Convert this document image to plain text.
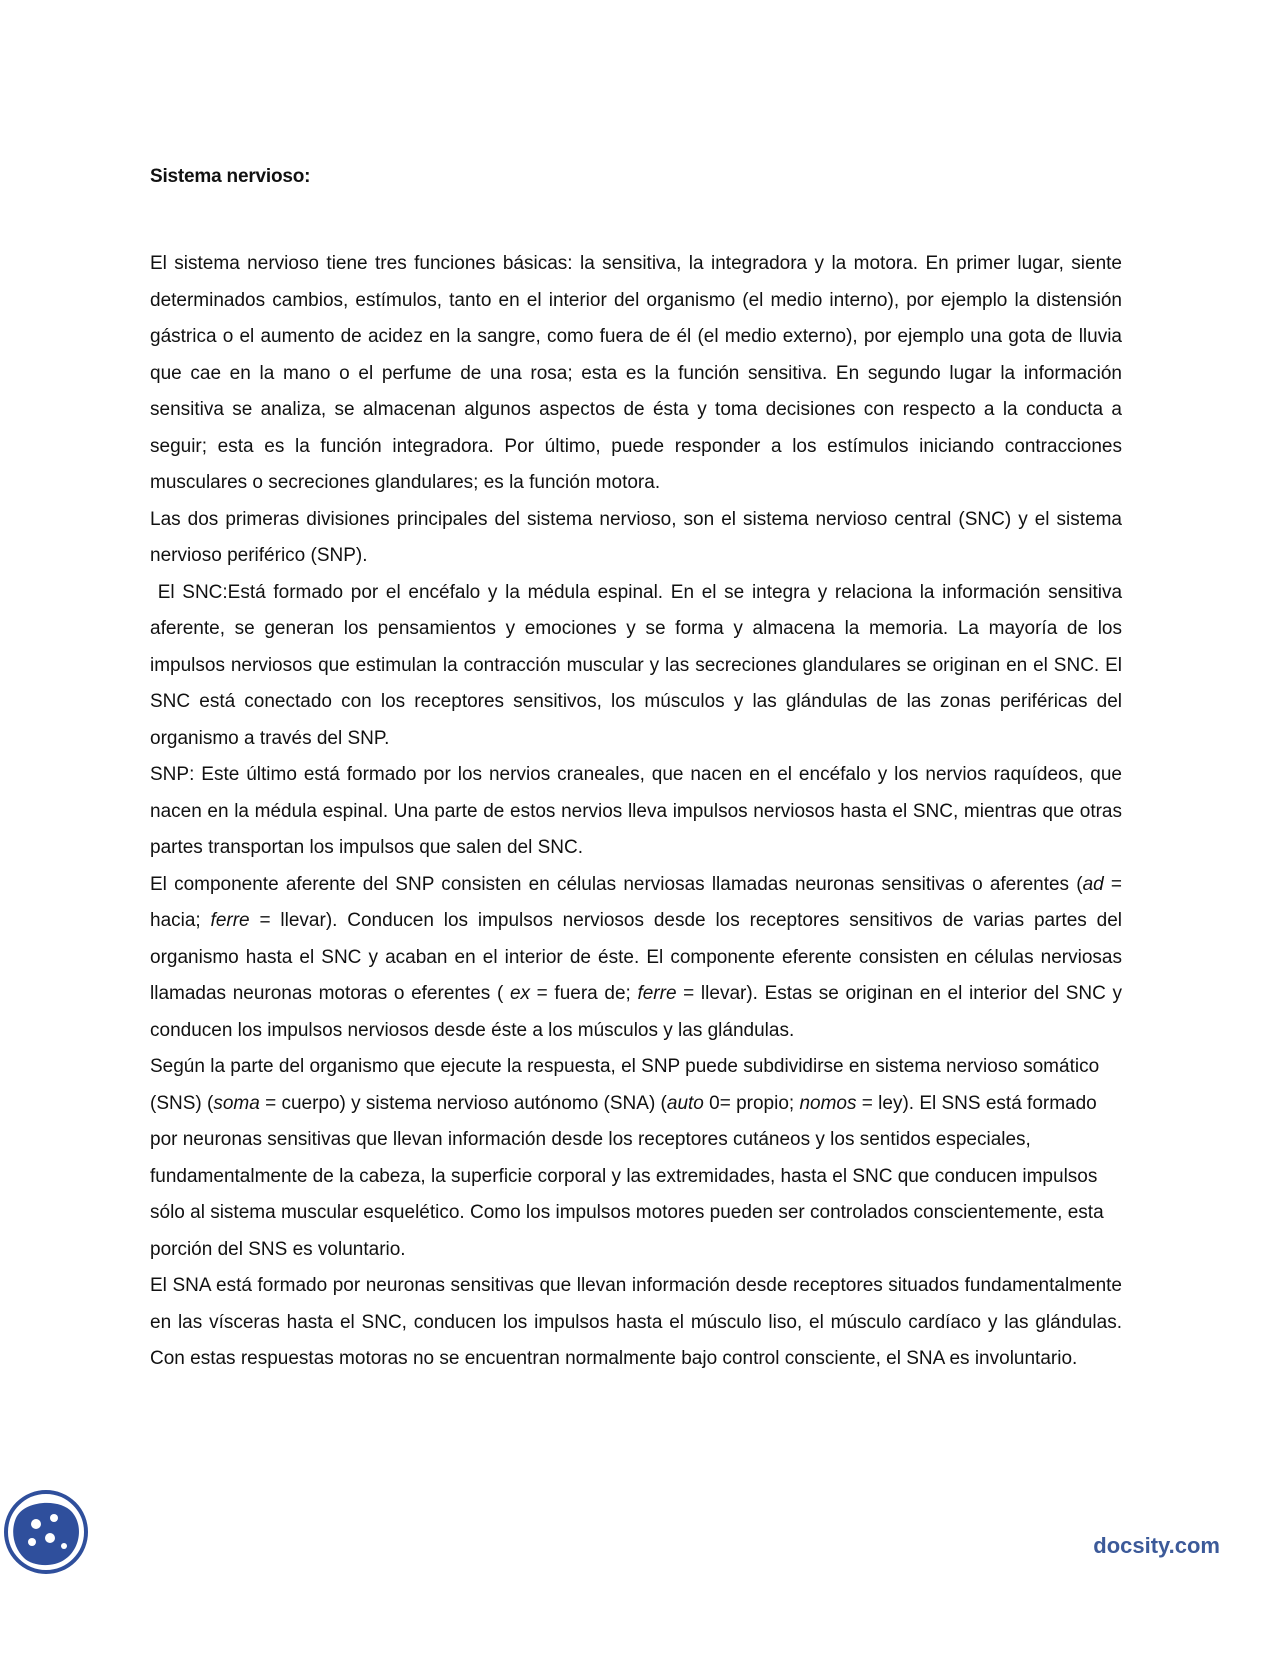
Sistema nervioso:

El sistema nervioso tiene tres funciones básicas: la sensitiva, la integradora y la motora. En primer lugar, siente determinados cambios, estímulos, tanto en el interior del organismo (el medio interno), por ejemplo la distensión gástrica o el aumento de acidez en la sangre, como fuera de él (el medio externo), por ejemplo una gota de lluvia que cae en la mano o el perfume de una rosa; esta es la función sensitiva. En segundo lugar la información sensitiva se analiza, se almacenan algunos aspectos de ésta y toma decisiones con respecto a la conducta a seguir; esta es la función integradora. Por último, puede responder a los estímulos iniciando contracciones musculares o secreciones glandulares; es la función motora.

Las dos primeras divisiones principales del sistema nervioso, son el sistema nervioso central (SNC) y el sistema nervioso periférico (SNP).

El SNC:Está formado por el encéfalo y la médula espinal. En el se integra y relaciona la información sensitiva aferente, se generan los pensamientos y emociones y se forma y almacena la memoria. La mayoría de los impulsos nerviosos que estimulan la contracción muscular y las secreciones glandulares se originan en el SNC. El SNC está conectado con los receptores sensitivos, los músculos y las glándulas de las zonas periféricas del organismo a través del SNP.

SNP: Este último está formado por los nervios craneales, que nacen en el encéfalo y los nervios raquídeos, que nacen en la médula espinal. Una parte de estos nervios lleva impulsos nerviosos hasta el SNC, mientras que otras partes transportan los impulsos que salen del SNC.

El componente aferente del SNP consisten en células nerviosas llamadas neuronas sensitivas o aferentes (ad = hacia; ferre = llevar). Conducen los impulsos nerviosos desde los receptores sensitivos de varias partes del organismo hasta el SNC y acaban en el interior de éste. El componente eferente consisten en células nerviosas llamadas neuronas motoras o eferentes ( ex = fuera de; ferre = llevar). Estas se originan en el interior del SNC y conducen los impulsos nerviosos desde éste a los músculos y las glándulas.

Según la parte del organismo que ejecute la respuesta, el SNP puede subdividirse en sistema nervioso somático (SNS) (soma = cuerpo) y sistema nervioso autónomo (SNA) (auto 0= propio; nomos = ley). El SNS está formado por neuronas sensitivas que llevan información desde los receptores cutáneos y los sentidos especiales, fundamentalmente de la cabeza, la superficie corporal y las extremidades, hasta el SNC que conducen impulsos sólo al sistema muscular esquelético. Como los impulsos motores pueden ser controlados conscientemente, esta porción del SNS es voluntario.

El SNA está formado por neuronas sensitivas que llevan información desde receptores situados fundamentalmente en las vísceras hasta el SNC, conducen los impulsos hasta el músculo liso, el músculo cardíaco y las glándulas. Con estas respuestas motoras no se encuentran normalmente bajo control consciente, el SNA es involuntario.

docsity.com
